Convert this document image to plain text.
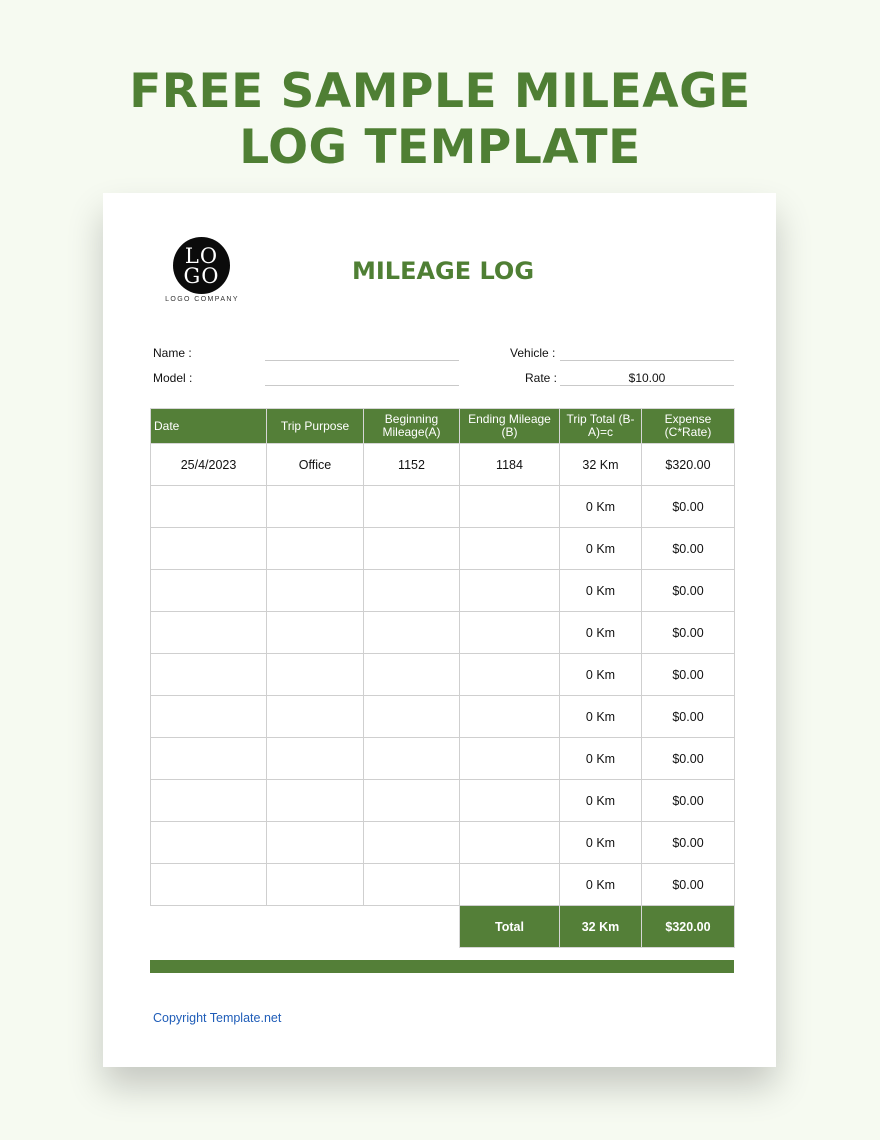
FREE SAMPLE MILEAGE
LOG TEMPLATE
LO
GO
LOGO COMPANY
MILEAGE LOG
Name :
Model :
Vehicle :
Rate :	$10.00
Date	Trip Purpose	Beginning Mileage(A)	Ending Mileage (B)	Trip Total (B-A)=c	Expense (C*Rate)
25/4/2023	Office	1152	1184	32 Km	$320.00
				0 Km	$0.00
				0 Km	$0.00
				0 Km	$0.00
				0 Km	$0.00
				0 Km	$0.00
				0 Km	$0.00
				0 Km	$0.00
				0 Km	$0.00
				0 Km	$0.00
				0 Km	$0.00
			Total	32 Km	$320.00
Copyright Template.net
